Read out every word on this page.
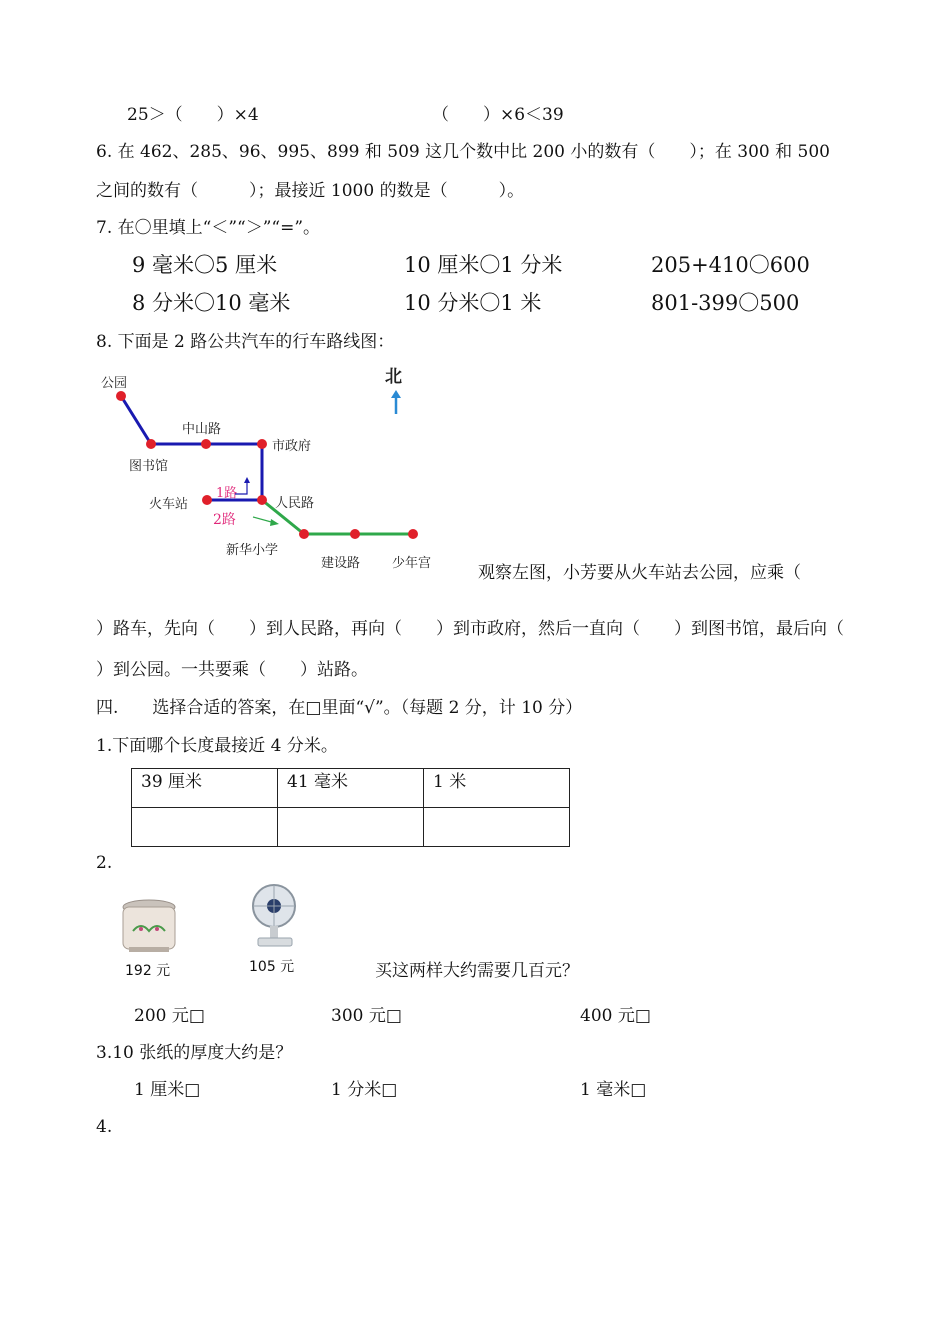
25＞（　　）×4	（　　）×6＜39
6. 在 462、285、96、995、899 和 509 这几个数中比 200 小的数有（　　）；在 300 和 500
之间的数有（　　　）；最接近 1000 的数是（　　　）。
7. 在〇里填上“＜”“＞”“=”。
9 毫米〇5 厘米	10 厘米〇1 分米	205+410〇600
8 分米〇10 毫米	10 分米〇1 米	801-399〇500
8. 下面是 2 路公共汽车的行车路线图：
北
公园
中山路
图书馆
市政府
火车站	人民路
新华小学
建设路 少年宫
1路
2路
观察左图，小芳要从火车站去公园，应乘（
）路车，先向（　　）到人民路，再向（　　）到市政府，然后一直向（　　）到图书馆，最后向（
）到公园。一共要乘（　　）站路。
四.　　选择合适的答案，在□里面“√”。（每题 2 分，计 10 分）
1.下面哪个长度最接近 4 分米。
39 厘米	41 毫米	1 米

2.
192 元	105 元	买这两样大约需要几百元？
200 元□	300 元□	400 元□
3.10 张纸的厚度大约是？
1 厘米□	1 分米□	1 毫米□
4.
